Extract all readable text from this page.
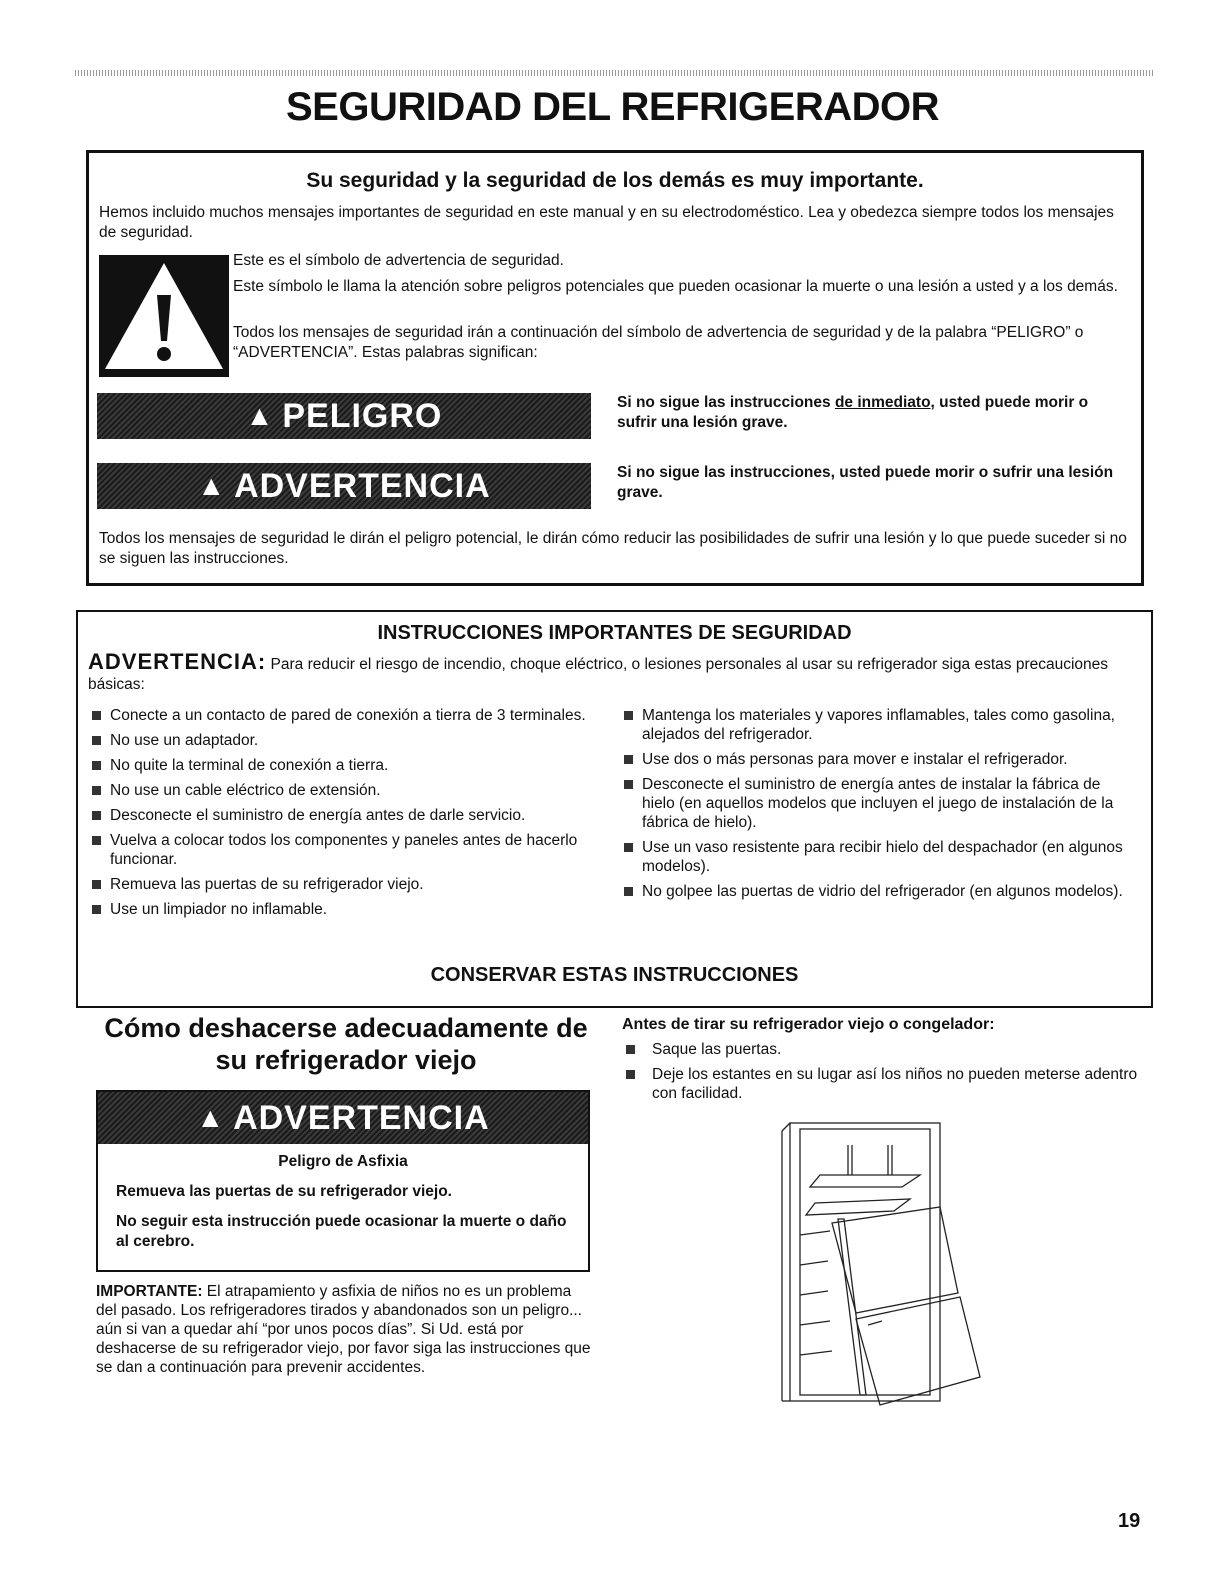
SEGURIDAD DEL REFRIGERADOR
Su seguridad y la seguridad de los demás es muy importante.
Hemos incluido muchos mensajes importantes de seguridad en este manual y en su electrodoméstico. Lea y obedezca siempre todos los mensajes de seguridad.
Este es el símbolo de advertencia de seguridad.
Este símbolo le llama la atención sobre peligros potenciales que pueden ocasionar la muerte o una lesión a usted y a los demás.
Todos los mensajes de seguridad irán a continuación del símbolo de advertencia de seguridad y de la palabra “PELIGRO” o “ADVERTENCIA”. Estas palabras significan:
▲ PELIGRO	Si no sigue las instrucciones de inmediato, usted puede morir o sufrir una lesión grave.
▲ ADVERTENCIA	Si no sigue las instrucciones, usted puede morir o sufrir una lesión grave.
Todos los mensajes de seguridad le dirán el peligro potencial, le dirán cómo reducir las posibilidades de sufrir una lesión y lo que puede suceder si no se siguen las instrucciones.
INSTRUCCIONES IMPORTANTES DE SEGURIDAD
ADVERTENCIA: Para reducir el riesgo de incendio, choque eléctrico, o lesiones personales al usar su refrigerador siga estas precauciones básicas:
Conecte a un contacto de pared de conexión a tierra de 3 terminales.
No use un adaptador.
No quite la terminal de conexión a tierra.
No use un cable eléctrico de extensión.
Desconecte el suministro de energía antes de darle servicio.
Vuelva a colocar todos los componentes y paneles antes de hacerlo funcionar.
Remueva las puertas de su refrigerador viejo.
Use un limpiador no inflamable.
Mantenga los materiales y vapores inflamables, tales como gasolina, alejados del refrigerador.
Use dos o más personas para mover e instalar el refrigerador.
Desconecte el suministro de energía antes de instalar la fábrica de hielo (en aquellos modelos que incluyen el juego de instalación de la fábrica de hielo).
Use un vaso resistente para recibir hielo del despachador (en algunos modelos).
No golpee las puertas de vidrio del refrigerador (en algunos modelos).
CONSERVAR ESTAS INSTRUCCIONES
Cómo deshacerse adecuadamente de
su refrigerador viejo
▲ ADVERTENCIA
Peligro de Asfixia
Remueva las puertas de su refrigerador viejo.
No seguir esta instrucción puede ocasionar la muerte o daño al cerebro.
IMPORTANTE: El atrapamiento y asfixia de niños no es un problema del pasado. Los refrigeradores tirados y abandonados son un peligro... aún si van a quedar ahí “por unos pocos días”. Si Ud. está por deshacerse de su refrigerador viejo, por favor siga las instrucciones que se dan a continuación para prevenir accidentes.
Antes de tirar su refrigerador viejo o congelador:
Saque las puertas.
Deje los estantes en su lugar así los niños no pueden meterse adentro con facilidad.
19
